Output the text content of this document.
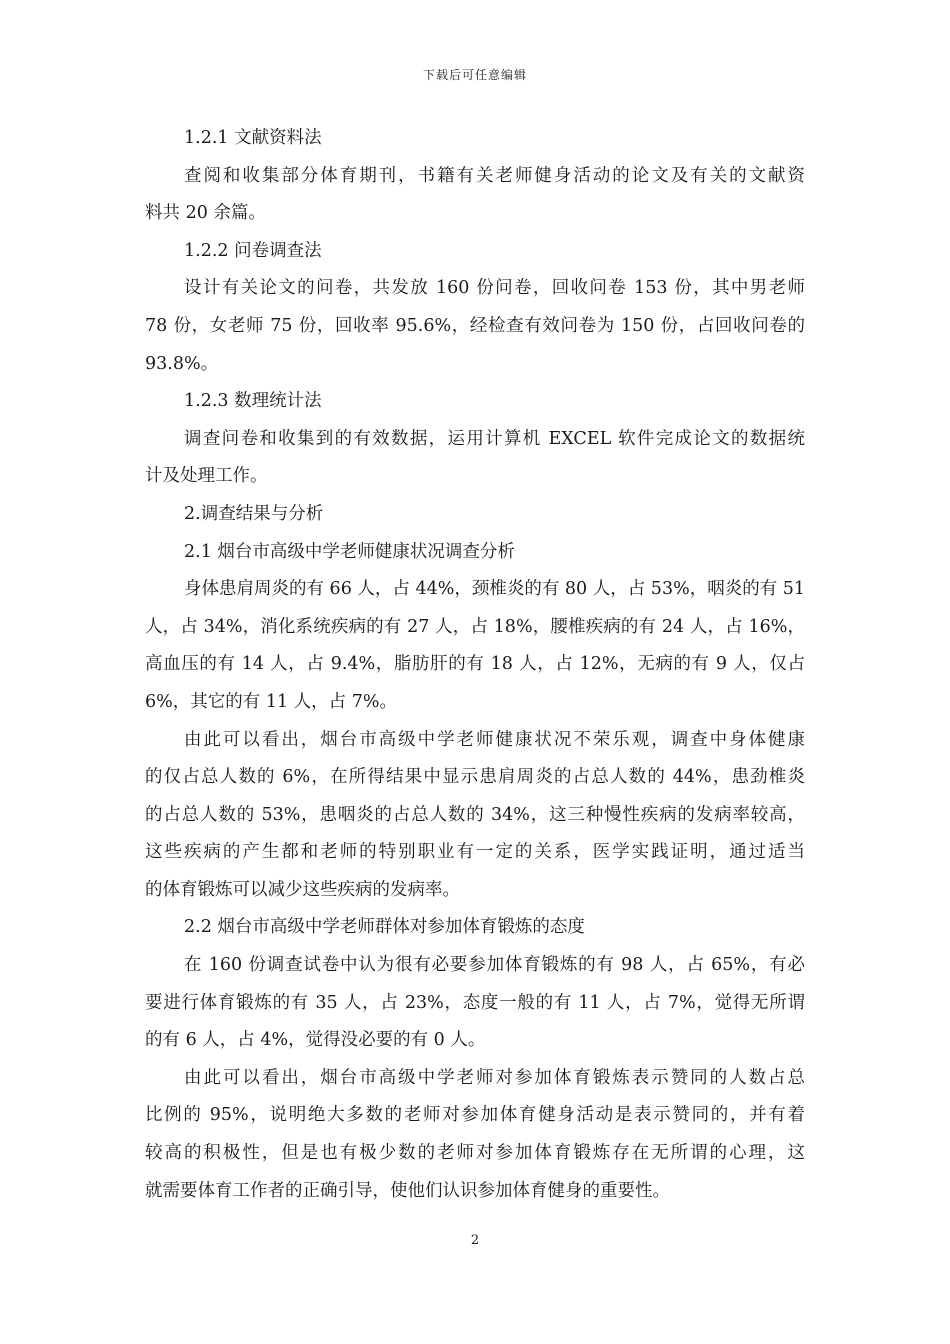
下载后可任意编辑
1.2.1 文献资料法
查阅和收集部分体育期刊，书籍有关老师健身活动的论文及有关的文献资
料共 20 余篇。
1.2.2 问卷调查法
设计有关论文的问卷，共发放 160 份问卷，回收问卷 153 份，其中男老师
78 份，女老师 75 份，回收率 95.6%，经检查有效问卷为 150 份，占回收问卷的
93.8%。
1.2.3 数理统计法
调查问卷和收集到的有效数据，运用计算机 EXCEL 软件完成论文的数据统
计及处理工作。
2.调查结果与分析
2.1 烟台市高级中学老师健康状况调查分析
身体患肩周炎的有 66 人，占 44%，颈椎炎的有 80 人，占 53%，咽炎的有 51
人，占 34%，消化系统疾病的有 27 人，占 18%，腰椎疾病的有 24 人，占 16%，
高血压的有 14 人，占 9.4%，脂肪肝的有 18 人，占 12%，无病的有 9 人，仅占
6%，其它的有 11 人，占 7%。
由此可以看出，烟台市高级中学老师健康状况不荣乐观，调查中身体健康
的仅占总人数的 6%，在所得结果中显示患肩周炎的占总人数的 44%，患劲椎炎
的占总人数的 53%，患咽炎的占总人数的 34%，这三种慢性疾病的发病率较高，
这些疾病的产生都和老师的特别职业有一定的关系，医学实践证明，通过适当
的体育锻炼可以减少这些疾病的发病率。
2.2 烟台市高级中学老师群体对参加体育锻炼的态度
在 160 份调查试卷中认为很有必要参加体育锻炼的有 98 人，占 65%，有必
要进行体育锻炼的有 35 人，占 23%，态度一般的有 11 人，占 7%，觉得无所谓
的有 6 人，占 4%，觉得没必要的有 0 人。
由此可以看出，烟台市高级中学老师对参加体育锻炼表示赞同的人数占总
比例的 95%，说明绝大多数的老师对参加体育健身活动是表示赞同的，并有着
较高的积极性，但是也有极少数的老师对参加体育锻炼存在无所谓的心理，这
就需要体育工作者的正确引导，使他们认识参加体育健身的重要性。
2
